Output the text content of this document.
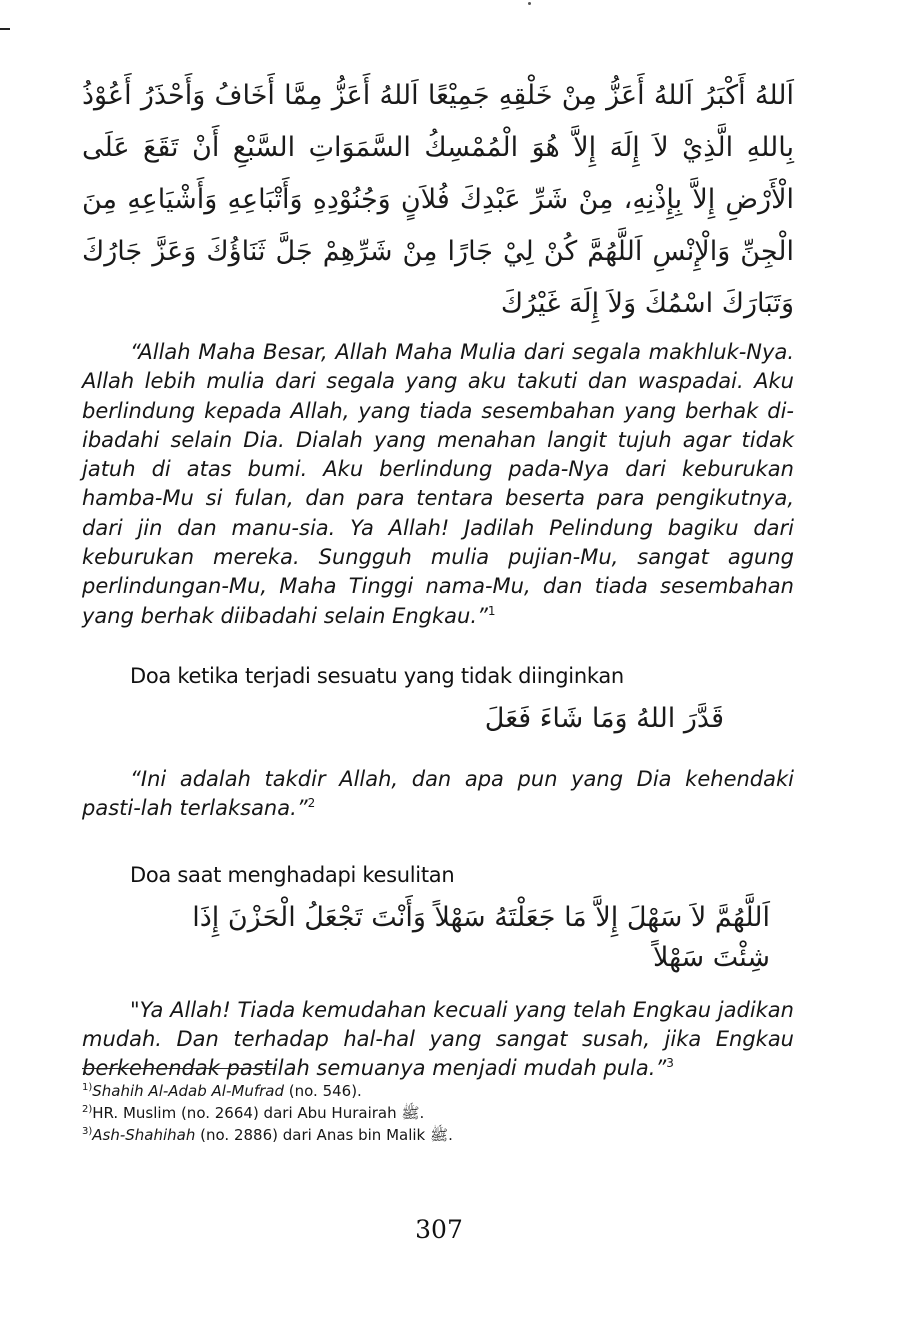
اَللهُ أَكْبَرُ اَللهُ أَعَزُّ مِنْ خَلْقِهِ جَمِيْعًا اَللهُ أَعَزُّ مِمَّا أَخَافُ وَأَحْذَرُ أَعُوْذُ بِاللهِ الَّذِيْ لاَ إِلَهَ إِلاَّ هُوَ الْمُمْسِكُ السَّمَوَاتِ السَّبْعِ أَنْ تَقَعَ عَلَى الْأَرْضِ إِلاَّ بِإِذْنِهِ، مِنْ شَرِّ عَبْدِكَ فُلاَنٍ وَجُنُوْدِهِ وَأَتْبَاعِهِ وَأَشْيَاعِهِ مِنَ الْجِنِّ وَالْإِنْسِ اَللَّهُمَّ كُنْ لِيْ جَارًا مِنْ شَرِّهِمْ جَلَّ ثَنَاؤُكَ وَعَزَّ جَارُكَ وَتَبَارَكَ اسْمُكَ وَلاَ إِلَهَ غَيْرُكَ

“Allah Maha Besar, Allah Maha Mulia dari segala makhluk-Nya. Allah lebih mulia dari segala yang aku takuti dan waspadai. Aku berlindung kepada Allah, yang tiada sesembahan yang berhak di-ibadahi selain Dia. Dialah yang menahan langit tujuh agar tidak jatuh di atas bumi. Aku berlindung pada-Nya dari keburukan hamba-Mu si fulan, dan para tentara beserta para pengikutnya, dari jin dan manu-sia. Ya Allah! Jadilah Pelindung bagiku dari keburukan mereka. Sungguh mulia pujian-Mu, sangat agung perlindungan-Mu, Maha Tinggi nama-Mu, dan tiada sesembahan yang berhak diibadahi selain Engkau.”$^1$

Doa ketika terjadi sesuatu yang tidak diinginkan

قَدَّرَ اللهُ وَمَا شَاءَ فَعَلَ

“Ini adalah takdir Allah, dan apa pun yang Dia kehendaki pasti-lah terlaksana.”$^2$

Doa saat menghadapi kesulitan

اَللَّهُمَّ لاَ سَهْلَ إِلاَّ مَا جَعَلْتَهُ سَهْلاً وَأَنْتَ تَجْعَلُ الْحَزْنَ إِذَا شِئْتَ سَهْلاً

"Ya Allah! Tiada kemudahan kecuali yang telah Engkau jadikan mudah. Dan terhadap hal-hal yang sangat susah, jika Engkau berkehendak pastilah semuanya menjadi mudah pula.”$^3$

$^{1)}$Shahih Al-Adab Al-Mufrad (no. 546).

$^{2)}$HR. Muslim (no. 2664) dari Abu Hurairah ﷺ.

$^{3)}$Ash-Shahihah (no. 2886) dari Anas bin Malik ﷺ.

307
